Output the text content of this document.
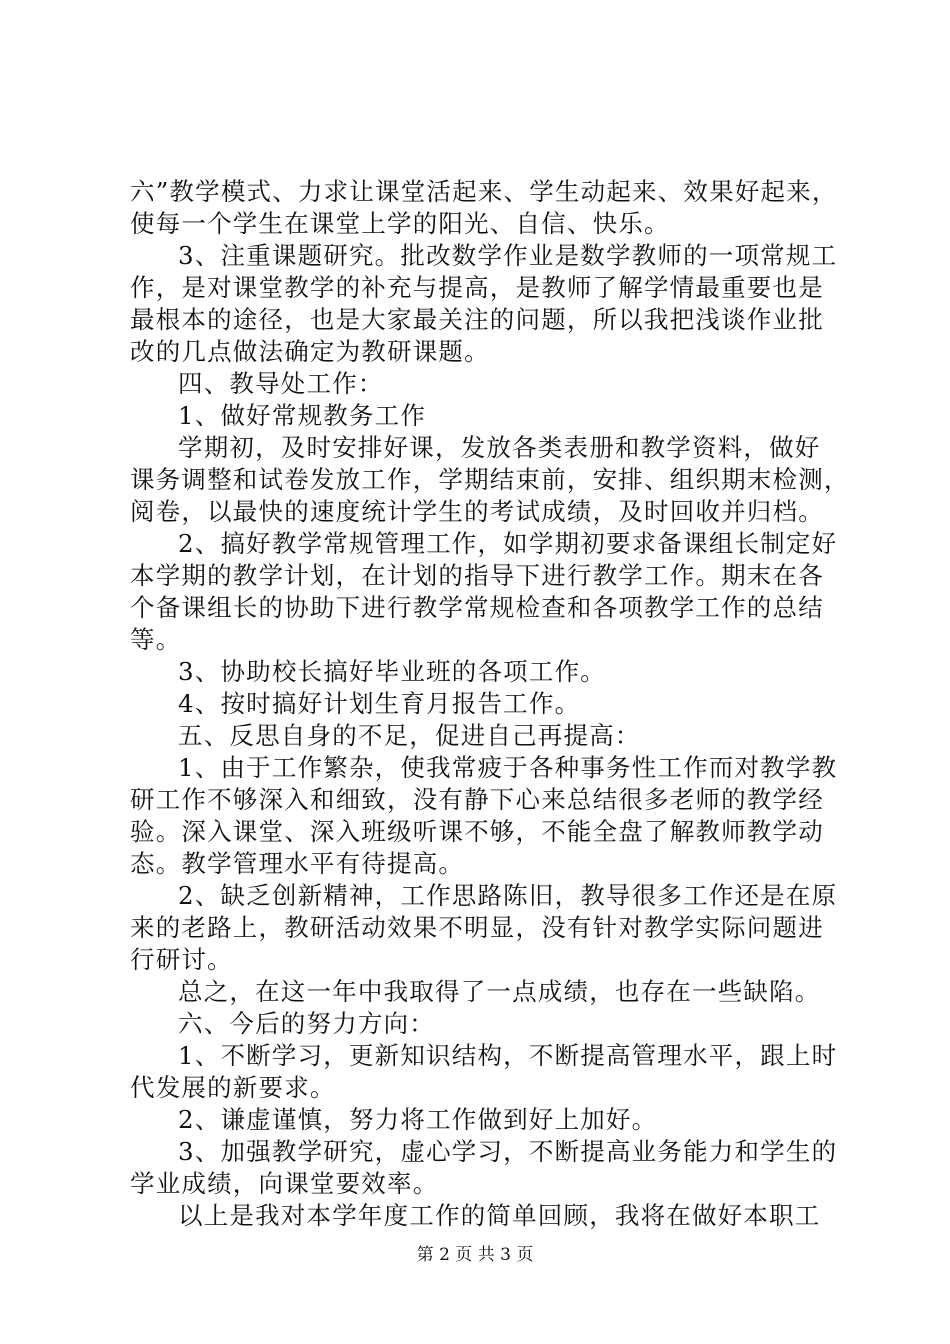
六”教学模式、力求让课堂活起来、学生动起来、效果好起来，
使每一个学生在课堂上学的阳光、自信、快乐。
3、注重课题研究。批改数学作业是数学教师的一项常规工
作，是对课堂教学的补充与提高，是教师了解学情最重要也是
最根本的途径，也是大家最关注的问题，所以我把浅谈作业批
改的几点做法确定为教研课题。
四、教导处工作：
1、做好常规教务工作
学期初，及时安排好课，发放各类表册和教学资料，做好
课务调整和试卷发放工作，学期结束前，安排、组织期末检测，
阅卷，以最快的速度统计学生的考试成绩，及时回收并归档。
2、搞好教学常规管理工作，如学期初要求备课组长制定好
本学期的教学计划，在计划的指导下进行教学工作。期末在各
个备课组长的协助下进行教学常规检查和各项教学工作的总结
等。
3、协助校长搞好毕业班的各项工作。
4、按时搞好计划生育月报告工作。
五、反思自身的不足，促进自己再提高：
1、由于工作繁杂，使我常疲于各种事务性工作而对教学教
研工作不够深入和细致，没有静下心来总结很多老师的教学经
验。深入课堂、深入班级听课不够，不能全盘了解教师教学动
态。教学管理水平有待提高。
2、缺乏创新精神，工作思路陈旧，教导很多工作还是在原
来的老路上，教研活动效果不明显，没有针对教学实际问题进
行研讨。
总之，在这一年中我取得了一点成绩，也存在一些缺陷。
六、今后的努力方向：
1、不断学习，更新知识结构，不断提高管理水平，跟上时
代发展的新要求。
2、谦虚谨慎，努力将工作做到好上加好。
3、加强教学研究，虚心学习，不断提高业务能力和学生的
学业成绩，向课堂要效率。
以上是我对本学年度工作的简单回顾，我将在做好本职工
第 2 页 共 3 页
